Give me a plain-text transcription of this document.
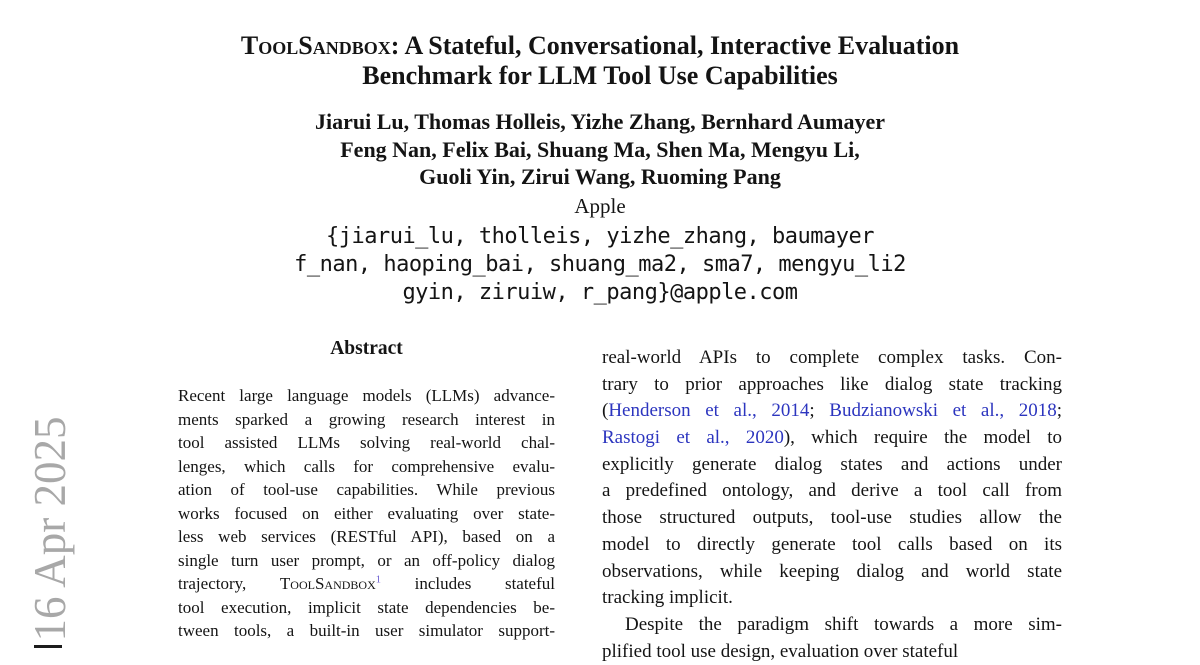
16 Apr 2025
ToolSandbox: A Stateful, Conversational, Interactive Evaluation
Benchmark for LLM Tool Use Capabilities
Jiarui Lu, Thomas Holleis, Yizhe Zhang, Bernhard Aumayer
Feng Nan, Felix Bai, Shuang Ma, Shen Ma, Mengyu Li,
Guoli Yin, Zirui Wang, Ruoming Pang
Apple
{jiarui_lu, tholleis, yizhe_zhang, baumayer
f_nan, haoping_bai, shuang_ma2, sma7, mengyu_li2
gyin, ziruiw, r_pang}@apple.com
Abstract
Recent large language models (LLMs) advance-
ments sparked a growing research interest in
tool assisted LLMs solving real-world chal-
lenges, which calls for comprehensive evalu-
ation of tool-use capabilities. While previous
works focused on either evaluating over state-
less web services (RESTful API), based on a
single turn user prompt, or an off-policy dialog
trajectory, ToolSandbox$^1$ includes stateful
tool execution, implicit state dependencies be-
tween tools, a built-in user simulator support-
real-world APIs to complete complex tasks. Con-
trary to prior approaches like dialog state tracking
(Henderson et al., 2014; Budzianowski et al., 2018;
Rastogi et al., 2020), which require the model to
explicitly generate dialog states and actions under
a predefined ontology, and derive a tool call from
those structured outputs, tool-use studies allow the
model to directly generate tool calls based on its
observations, while keeping dialog and world state
tracking implicit.
Despite the paradigm shift towards a more sim-
plified tool use design, evaluation over stateful
